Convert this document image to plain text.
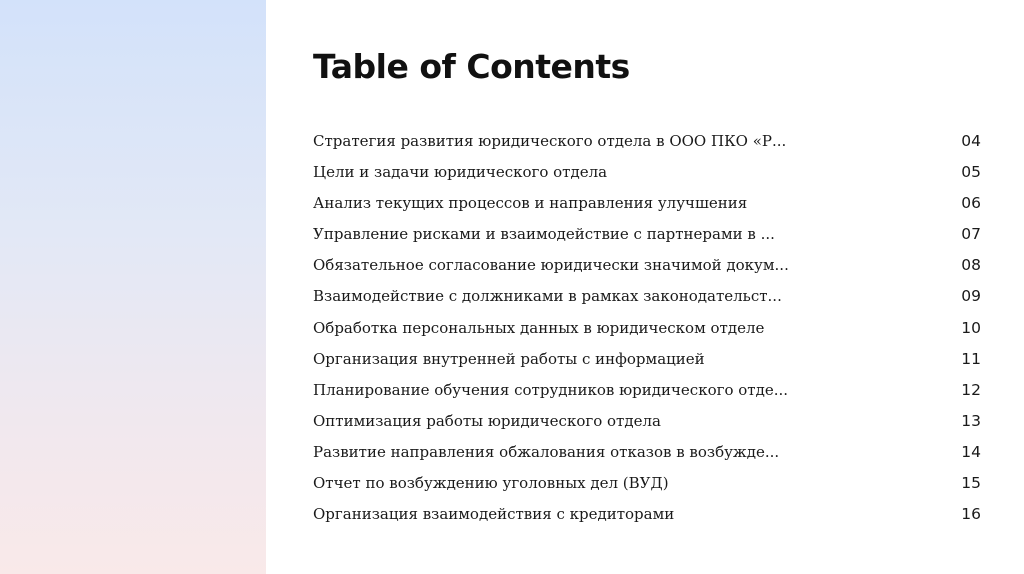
Table of Contents
Стратегия развития юридического отдела в ООО ПКО «Р...	04
Цели и задачи юридического отдела	05
Анализ текущих процессов и направления улучшения	06
Управление рисками и взаимодействие с партнерами в ...	07
Обязательное согласование юридически значимой докум...	08
Взаимодействие с должниками в рамках законодательст...	09
Обработка персональных данных в юридическом отделе	10
Организация внутренней работы с информацией	11
Планирование обучения сотрудников юридического отде...	12
Оптимизация работы юридического отдела	13
Развитие направления обжалования отказов в возбужде...	14
Отчет по возбуждению уголовных дел (ВУД)	15
Организация взаимодействия с кредиторами	16
